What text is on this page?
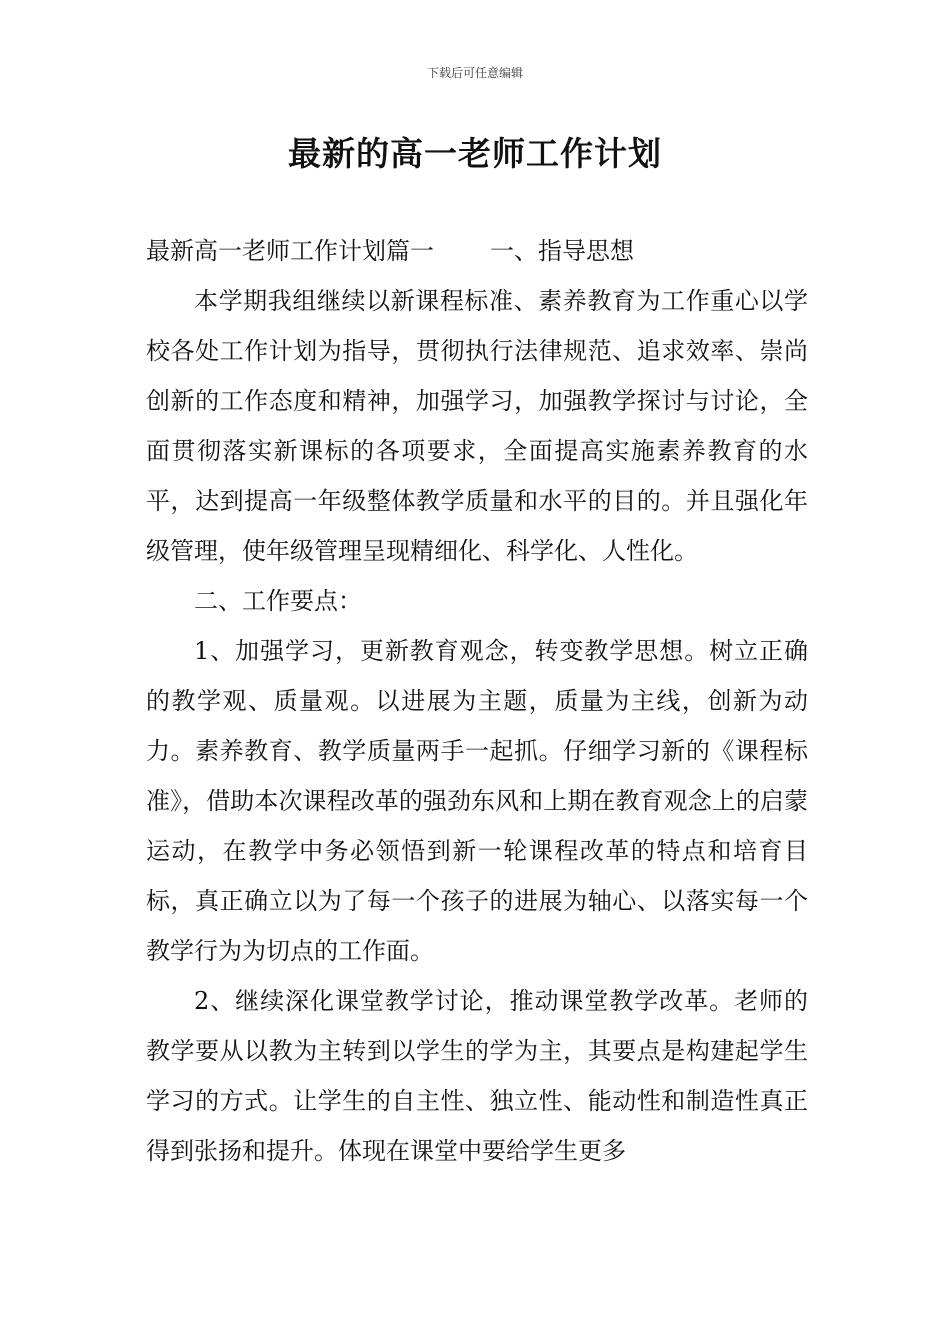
下载后可任意编辑
最新的高一老师工作计划

最新高一老师工作计划篇一 一、指导思想

本学期我组继续以新课程标准、素养教育为工作重心以学校各处工作计划为指导，贯彻执行法律规范、追求效率、崇尚创新的工作态度和精神，加强学习，加强教学探讨与讨论，全面贯彻落实新课标的各项要求，全面提高实施素养教育的水平，达到提高一年级整体教学质量和水平的目的。并且强化年级管理，使年级管理呈现精细化、科学化、人性化。

二、工作要点：

1、加强学习，更新教育观念，转变教学思想。树立正确的教学观、质量观。以进展为主题，质量为主线，创新为动力。素养教育、教学质量两手一起抓。仔细学习新的《课程标准》，借助本次课程改革的强劲东风和上期在教育观念上的启蒙运动，在教学中务必领悟到新一轮课程改革的特点和培育目标，真正确立以为了每一个孩子的进展为轴心、以落实每一个教学行为为切点的工作面。

2、继续深化课堂教学讨论，推动课堂教学改革。老师的教学要从以教为主转到以学生的学为主，其要点是构建起学生学习的方式。让学生的自主性、独立性、能动性和制造性真正得到张扬和提升。体现在课堂中要给学生更多
